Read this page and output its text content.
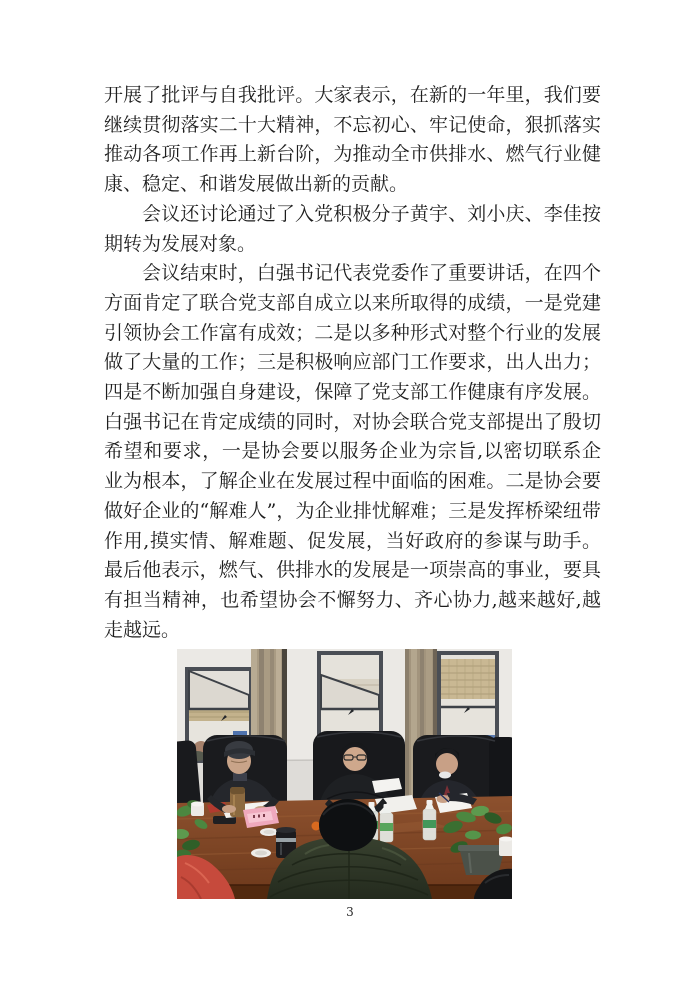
开展了批评与自我批评。大家表示，在新的一年里，我们要继续贯彻落实二十大精神，不忘初心、牢记使命，狠抓落实推动各项工作再上新台阶，为推动全市供排水、燃气行业健康、稳定、和谐发展做出新的贡献。

会议还讨论通过了入党积极分子黄宇、刘小庆、李佳按期转为发展对象。

会议结束时，白强书记代表党委作了重要讲话，在四个方面肯定了联合党支部自成立以来所取得的成绩，一是党建引领协会工作富有成效；二是以多种形式对整个行业的发展做了大量的工作；三是积极响应部门工作要求，出人出力；四是不断加强自身建设，保障了党支部工作健康有序发展。白强书记在肯定成绩的同时，对协会联合党支部提出了殷切希望和要求，一是协会要以服务企业为宗旨,以密切联系企业为根本，了解企业在发展过程中面临的困难。二是协会要做好企业的“解难人”，为企业排忧解难；三是发挥桥梁纽带作用,摸实情、解难题、促发展，当好政府的参谋与助手。最后他表示，燃气、供排水的发展是一项崇高的事业，要具有担当精神，也希望协会不懈努力、齐心协力,越来越好,越走越远。

3
